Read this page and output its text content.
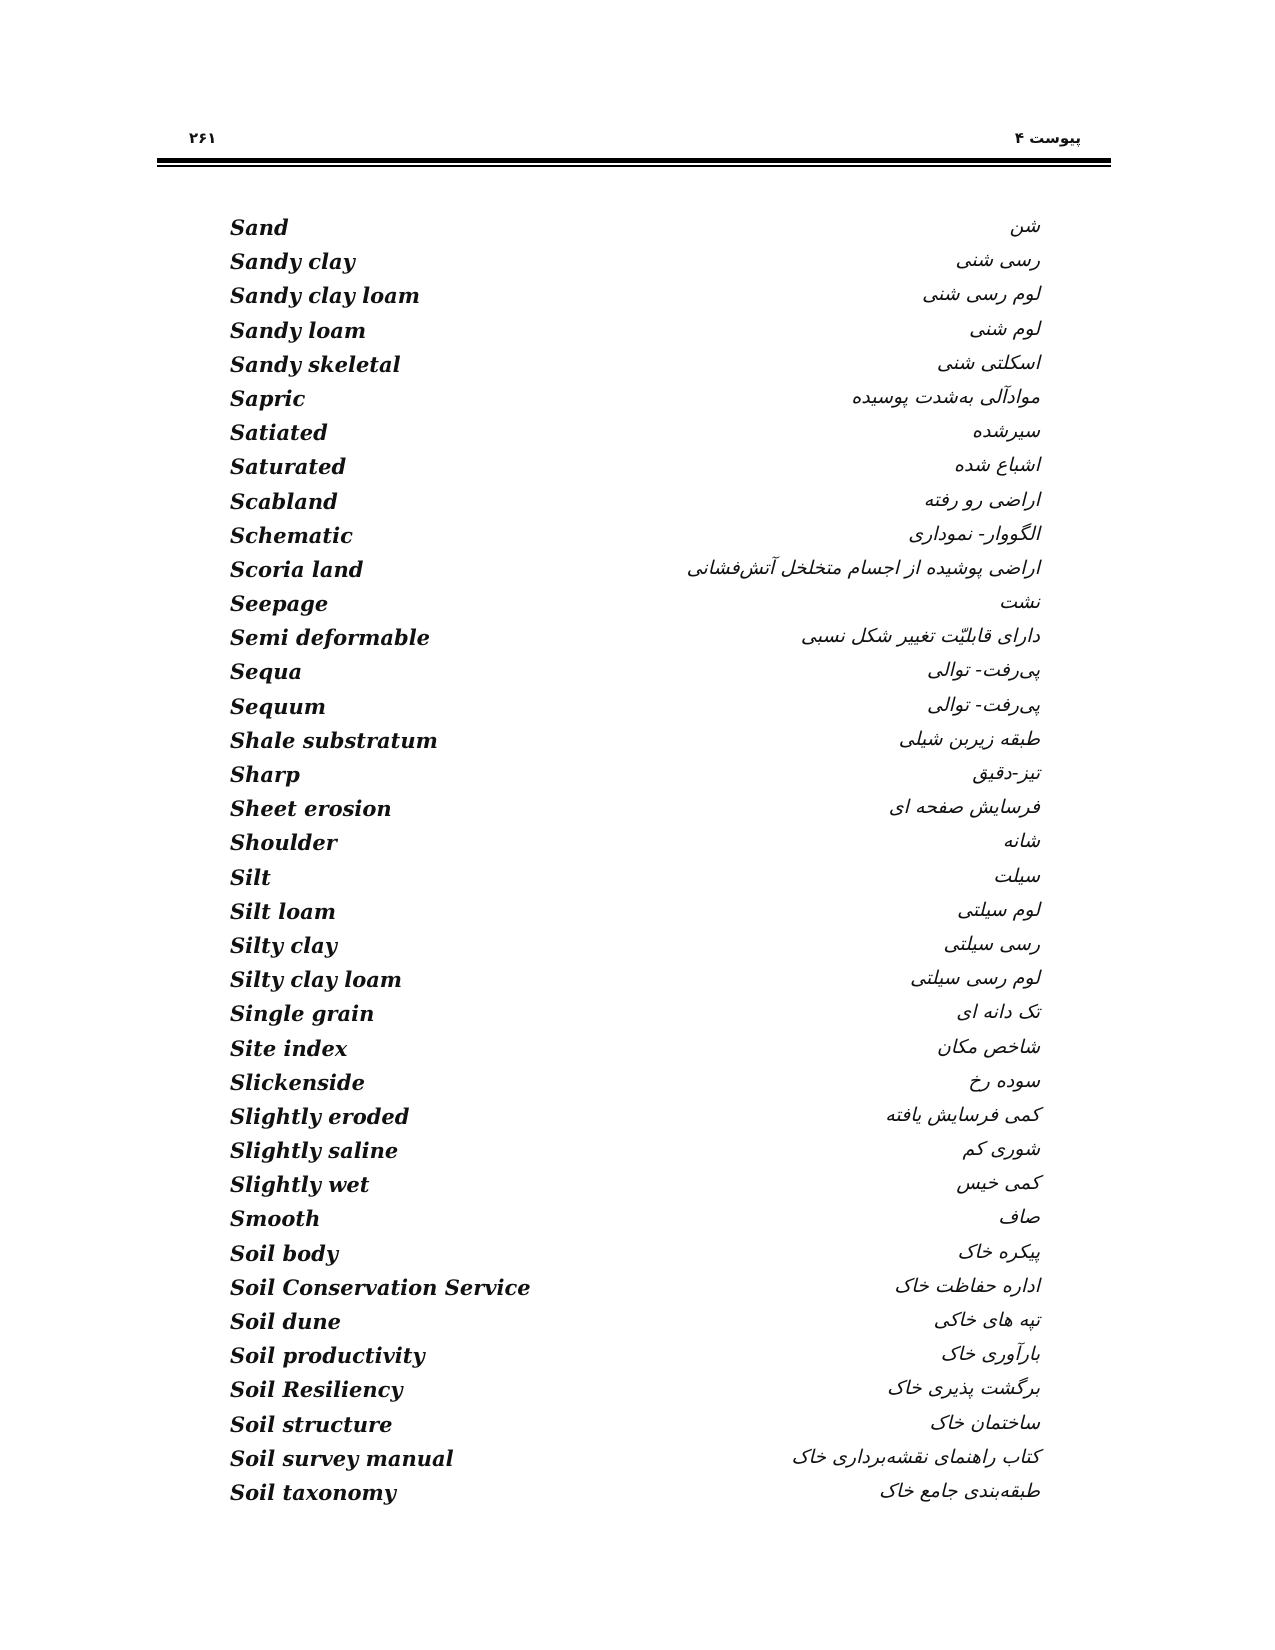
۲۶۱	پیوست ۴
Sand	شن
Sandy clay	رسی شنی
Sandy clay loam	لوم رسی شنی
Sandy loam	لوم شنی
Sandy skeletal	اسکلتی شنی
Sapric	موادآلی به‌شدت پوسیده
Satiated	سیرشده
Saturated	اشباع شده
Scabland	اراضی رو رفته
Schematic	الگووار- نموداری
Scoria land	اراضی پوشیده از اجسام متخلخل آتش‌فشانی
Seepage	نشت
Semi deformable	دارای قابلیّت تغییر شکل نسبی
Sequa	پی‌رفت- توالی
Sequum	پی‌رفت- توالی
Shale substratum	طبقه زیربن شیلی
Sharp	تیز-دقیق
Sheet erosion	فرسایش صفحه ای
Shoulder	شانه
Silt	سیلت
Silt loam	لوم سیلتی
Silty clay	رسی سیلتی
Silty clay loam	لوم رسی سیلتی
Single grain	تک دانه ای
Site index	شاخص مکان
Slickenside	سوده رخ
Slightly eroded	کمی فرسایش یافته
Slightly saline	شوری کم
Slightly wet	کمی خیس
Smooth	صاف
Soil body	پیکره خاک
Soil Conservation Service	اداره حفاظت خاک
Soil dune	تپه های خاکی
Soil productivity	بارآوری خاک
Soil Resiliency	برگشت پذیری خاک
Soil structure	ساختمان خاک
Soil survey manual	کتاب راهنمای نقشه‌برداری خاک
Soil taxonomy	طبقه‌بندی جامع خاک
